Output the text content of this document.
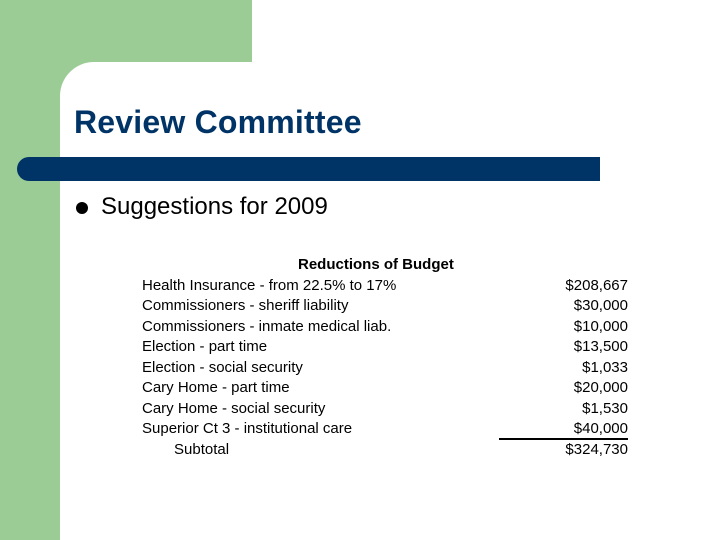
Review Committee
Suggestions for 2009
Reductions of Budget
Health Insurance - from 22.5% to 17%	$208,667
Commissioners - sheriff liability	$30,000
Commissioners - inmate medical liab.	$10,000
Election - part time	$13,500
Election - social security	$1,033
Cary Home - part time	$20,000
Cary Home - social security	$1,530
Superior Ct 3 - institutional care	$40,000
Subtotal	$324,730
